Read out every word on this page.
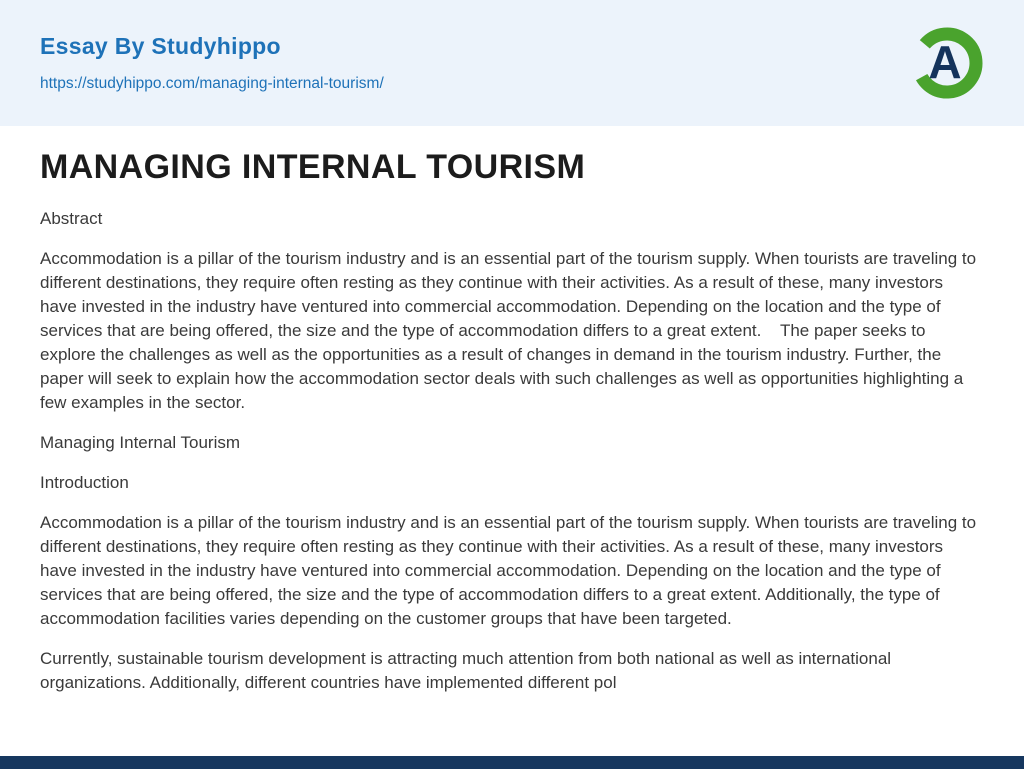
Essay By Studyhippo
https://studyhippo.com/managing-internal-tourism/	A
MANAGING INTERNAL TOURISM

Abstract

Accommodation is a pillar of the tourism industry and is an essential part of the tourism supply. When tourists are traveling to different destinations, they require often resting as they continue with their activities. As a result of these, many investors have invested in the industry have ventured into commercial accommodation. Depending on the location and the type of services that are being offered, the size and the type of accommodation differs to a great extent.    The paper seeks to explore the challenges as well as the opportunities as a result of changes in demand in the tourism industry. Further, the paper will seek to explain how the accommodation sector deals with such challenges as well as opportunities highlighting a few examples in the sector.

Managing Internal Tourism

Introduction

Accommodation is a pillar of the tourism industry and is an essential part of the tourism supply. When tourists are traveling to different destinations, they require often resting as they continue with their activities. As a result of these, many investors have invested in the industry have ventured into commercial accommodation. Depending on the location and the type of services that are being offered, the size and the type of accommodation differs to a great extent. Additionally, the type of accommodation facilities varies depending on the customer groups that have been targeted.

Currently, sustainable tourism development is attracting much attention from both national as well as international organizations. Additionally, different countries have implemented different pol
